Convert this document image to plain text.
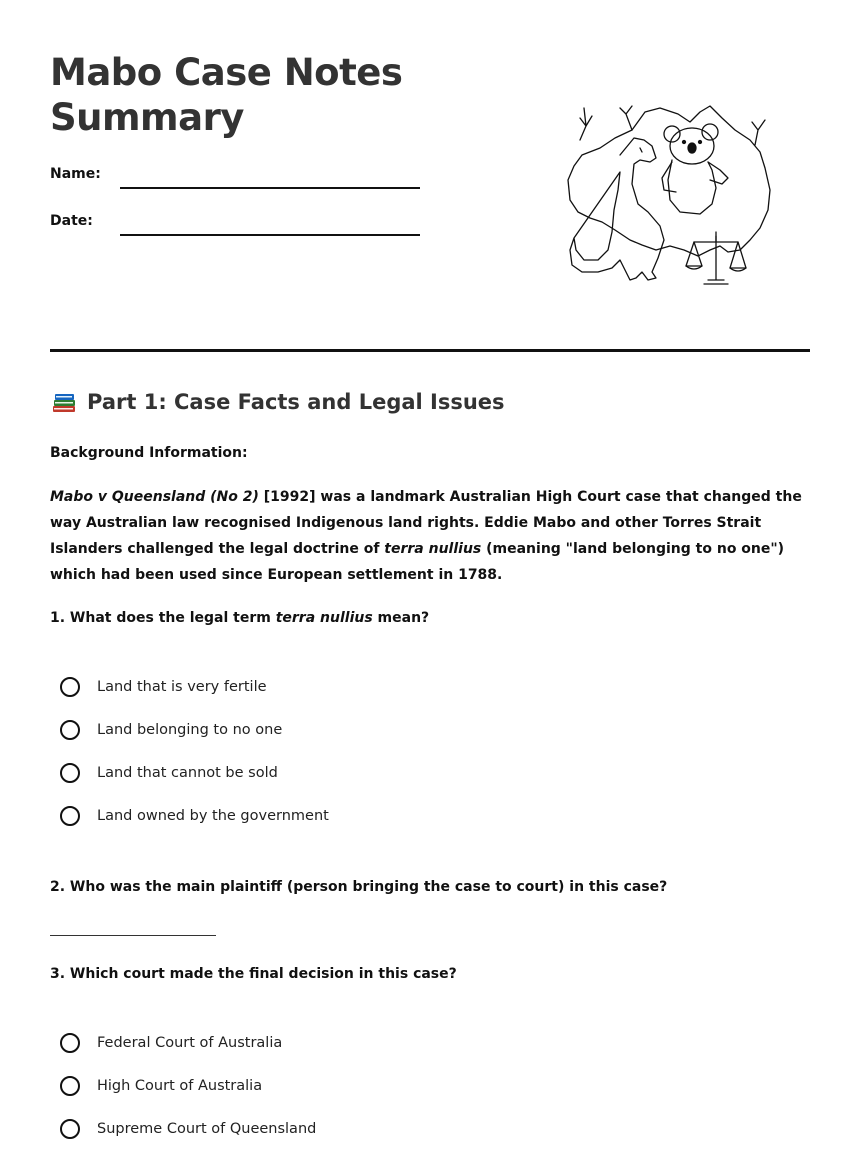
Mabo Case Notes
Summary
Name:
Date:
Part 1: Case Facts and Legal Issues
Background Information:

Mabo v Queensland (No 2) [1992] was a landmark Australian High Court case that changed the way Australian law recognised Indigenous land rights. Eddie Mabo and other Torres Strait Islanders challenged the legal doctrine of terra nullius (meaning "land belonging to no one") which had been used since European settlement in 1788.

1. What does the legal term terra nullius mean?
Land that is very fertile
Land belonging to no one
Land that cannot be sold
Land owned by the government
2. Who was the main plaintiff (person bringing the case to court) in this case?
3. Which court made the final decision in this case?
Federal Court of Australia
High Court of Australia
Supreme Court of Queensland
